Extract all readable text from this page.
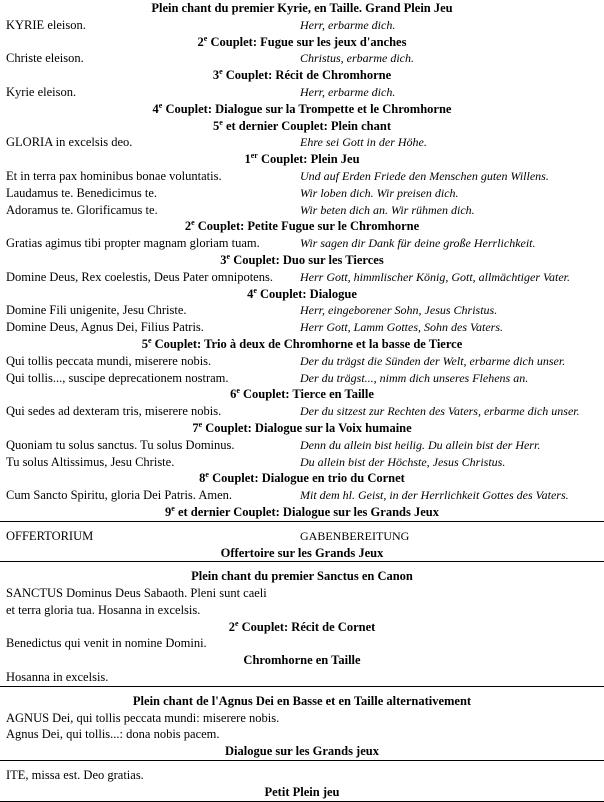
Plein chant du premier Kyrie, en Taille. Grand Plein Jeu
KYRIE eleison.	Herr, erbarme dich.
2e Couplet: Fugue sur les jeux d'anches
Christe eleison.	Christus, erbarme dich.
3e Couplet: Récit de Chromhorne
Kyrie eleison.	Herr, erbarme dich.
4e Couplet: Dialogue sur la Trompette et le Chromhorne
5e et dernier Couplet: Plein chant
GLORIA in excelsis deo.	Ehre sei Gott in der Höhe.
1er Couplet: Plein Jeu
Et in terra pax hominibus bonae voluntatis.	Und auf Erden Friede den Menschen guten Willens.
Laudamus te. Benedicimus te.	Wir loben dich. Wir preisen dich.
Adoramus te. Glorificamus te.	Wir beten dich an. Wir rühmen dich.
2e Couplet: Petite Fugue sur le Chromhorne
Gratias agimus tibi propter magnam gloriam tuam.	Wir sagen dir Dank für deine große Herrlichkeit.
3e Couplet: Duo sur les Tierces
Domine Deus, Rex coelestis, Deus Pater omnipotens.	Herr Gott, himmlischer König, Gott, allmächtiger Vater.
4e Couplet: Dialogue
Domine Fili unigenite, Jesu Christe.	Herr, eingeborener Sohn, Jesus Christus.
Domine Deus, Agnus Dei, Filius Patris.	Herr Gott, Lamm Gottes, Sohn des Vaters.
5e Couplet: Trio à deux de Chromhorne et la basse de Tierce
Qui tollis peccata mundi, miserere nobis.	Der du trägst die Sünden der Welt, erbarme dich unser.
Qui tollis..., suscipe deprecationem nostram.	Der du trägst..., nimm dich unseres Flehens an.
6e Couplet: Tierce en Taille
Qui sedes ad dexteram tris, miserere nobis.	Der du sitzest zur Rechten des Vaters, erbarme dich unser.
7e Couplet: Dialogue sur la Voix humaine
Quoniam tu solus sanctus. Tu solus Dominus.	Denn du allein bist heilig. Du allein bist der Herr.
Tu solus Altissimus, Jesu Christe.	Du allein bist der Höchste, Jesus Christus.
8e Couplet: Dialogue en trio du Cornet
Cum Sancto Spiritu, gloria Dei Patris. Amen.	Mit dem hl. Geist, in der Herrlichkeit Gottes des Vaters.
9e et dernier Couplet: Dialogue sur les Grands Jeux
OFFERTORIUM	GABENBEREITUNG
Offertoire sur les Grands Jeux
Plein chant du premier Sanctus en Canon
SANCTUS Dominus Deus Sabaoth. Pleni sunt caeli
et terra gloria tua. Hosanna in excelsis.
2e Couplet: Récit de Cornet
Benedictus qui venit in nomine Domini.
Chromhorne en Taille
Hosanna in excelsis.
Plein chant de l'Agnus Dei en Basse et en Taille alternativement
AGNUS Dei, qui tollis peccata mundi: miserere nobis.
Agnus Dei, qui tollis...: dona nobis pacem.
Dialogue sur les Grands jeux
ITE, missa est. Deo gratias.
Petit Plein jeu
